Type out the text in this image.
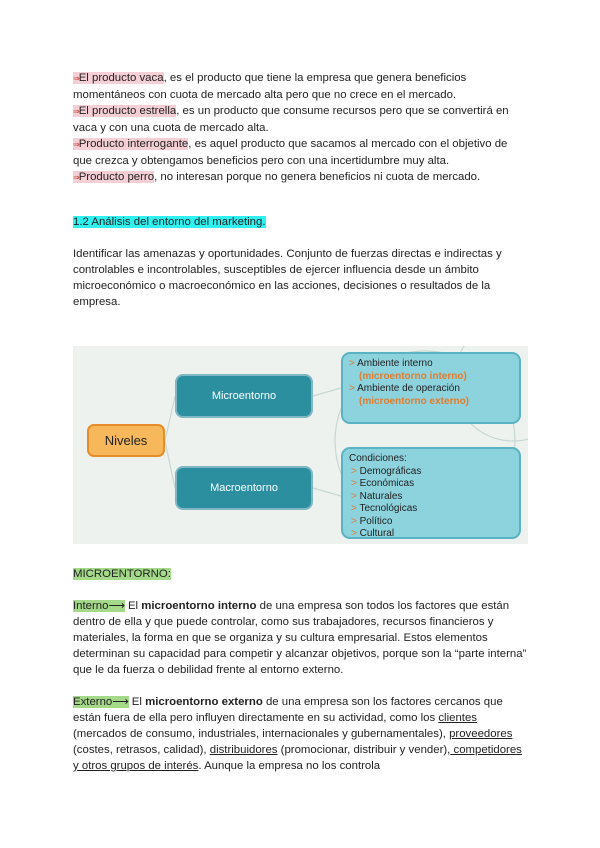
⇒El producto vaca, es el producto que tiene la empresa que genera beneficios momentáneos con cuota de mercado alta pero que no crece en el mercado.
⇒El producto estrella, es un producto que consume recursos pero que se convertirá en vaca y con una cuota de mercado alta.
⇒Producto interrogante, es aquel producto que sacamos al mercado con el objetivo de que crezca y obtengamos beneficios pero con una incertidumbre muy alta.
⇒Producto perro, no interesan porque no genera beneficios ni cuota de mercado.

1.2 Análisis del entorno del marketing.

Identificar las amenazas y oportunidades. Conjunto de fuerzas directas e indirectas y controlables e incontrolables, susceptibles de ejercer influencia desde un ámbito microeconómico o macroeconómico en las acciones, decisiones o resultados de la empresa.

Niveles
Microentorno
Macroentorno
> Ambiente interno
(microentorno interno)
> Ambiente de operación
(microentorno externo)
Condiciones:
> Demográficas
> Económicas
> Naturales
> Tecnológicas
> Político
> Cultural

MICROENTORNO:

Interno⟶ El microentorno interno de una empresa son todos los factores que están dentro de ella y que puede controlar, como sus trabajadores, recursos financieros y materiales, la forma en que se organiza y su cultura empresarial. Estos elementos determinan su capacidad para competir y alcanzar objetivos, porque son la “parte interna” que le da fuerza o debilidad frente al entorno externo.

Externo⟶ El microentorno externo de una empresa son los factores cercanos que están fuera de ella pero influyen directamente en su actividad, como los clientes (mercados de consumo, industriales, internacionales y gubernamentales), proveedores (costes, retrasos, calidad), distribuidores (promocionar, distribuir y vender), competidores y otros grupos de interés. Aunque la empresa no los controla
